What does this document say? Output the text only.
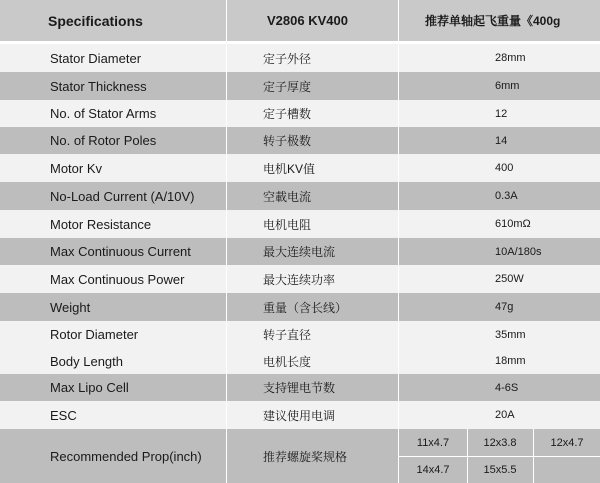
Specifications	V2806 KV400	推荐单轴起飞重量《400g
Stator Diameter	定子外径	28mm
Stator Thickness	定子厚度	6mm
No. of Stator Arms	定子槽数	12
No. of Rotor Poles	转子极数	14
Motor Kv	电机KV值	400
No-Load Current (A/10V)	空載电流	0.3A
Motor Resistance	电机电阻	610mΩ
Max Continuous Current	最大连续电流	10A/180s
Max Continuous Power	最大连续功率	250W
Weight	重量（含长线）	47g
Rotor Diameter	转子直径	35mm
Body Length	电机长度	18mm
Max Lipo Cell	支持锂电节数	4-6S
ESC	建议使用电调	20A
Recommended Prop(inch)	推荐螺旋桨规格
11x4.7	12x3.8	12x4.7
14x4.7	15x5.5
